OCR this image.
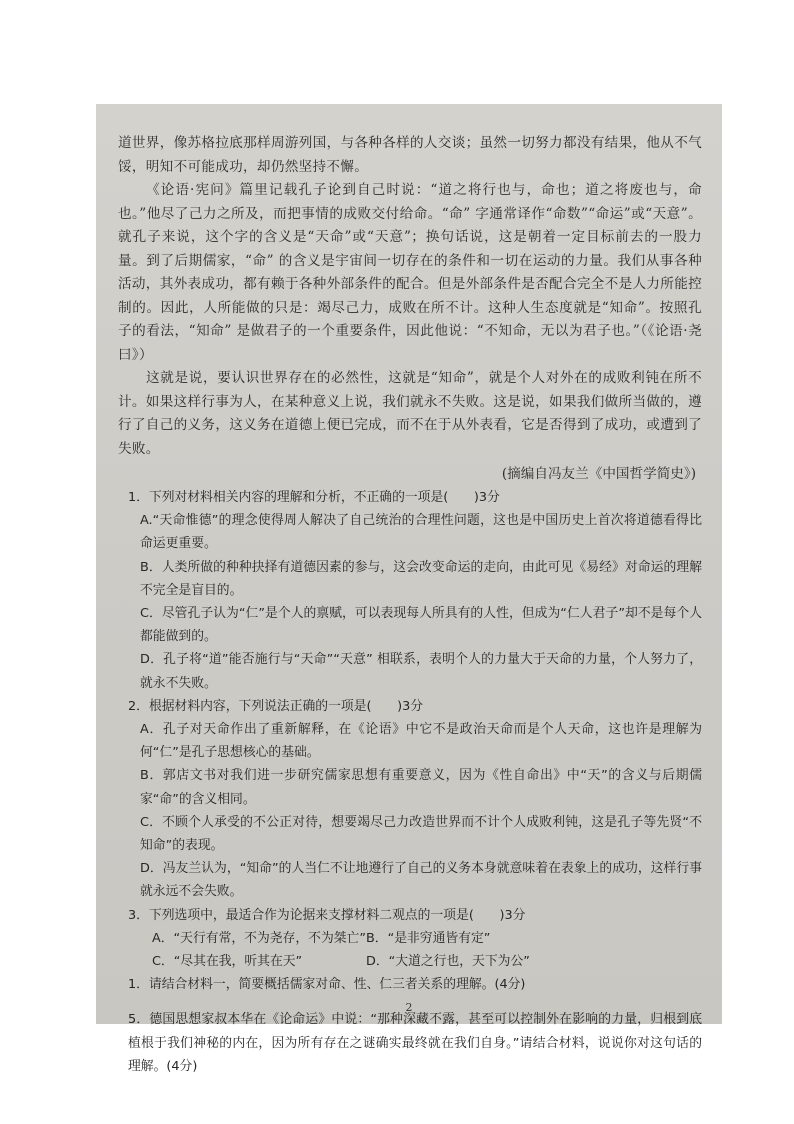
道世界，像苏格拉底那样周游列国，与各种各样的人交谈；虽然一切努力都没有结果，他从不气馁，明知不可能成功，却仍然坚持不懈。

《论语·宪问》篇里记载孔子论到自己时说：“道之将行也与，命也；道之将废也与，命也。”他尽了己力之所及，而把事情的成败交付给命。“命” 字通常译作“命数”“命运”或“天意”。就孔子来说，这个字的含义是“天命”或“天意”；换句话说，这是朝着一定目标前去的一股力量。到了后期儒家，“命” 的含义是宇宙间一切存在的条件和一切在运动的力量。我们从事各种活动，其外表成功，都有赖于各种外部条件的配合。但是外部条件是否配合完全不是人力所能控制的。因此，人所能做的只是：竭尽己力，成败在所不计。这种人生态度就是“知命”。按照孔子的看法，“知命” 是做君子的一个重要条件，因此他说：“不知命，无以为君子也。”（《论语·尧曰》）

这就是说，要认识世界存在的必然性，这就是“知命”，就是个人对外在的成败利钝在所不计。如果这样行事为人，在某种意义上说，我们就永不失败。这是说，如果我们做所当做的，遵行了自己的义务，这义务在道德上便已完成，而不在于从外表看，它是否得到了成功，或遭到了失败。

(摘编自冯友兰《中国哲学简史》)

1．下列对材料相关内容的理解和分析，不正确的一项是(　　)3分
A.“天命惟德”的理念使得周人解决了自己统治的合理性问题，这也是中国历史上首次将道德看得比命运更重要。
B．人类所做的种种抉择有道德因素的参与，这会改变命运的走向，由此可见《易经》对命运的理解不完全是盲目的。
C．尽管孔子认为“仁”是个人的禀赋，可以表现每人所具有的人性，但成为“仁人君子”却不是每个人都能做到的。
D．孔子将“道”能否施行与“天命”“天意” 相联系，表明个人的力量大于天命的力量，个人努力了，就永不失败。
2．根据材料内容，下列说法正确的一项是(　　)3分
A．孔子对天命作出了重新解释，在《论语》中它不是政治天命而是个人天命，这也许是理解为何“仁”是孔子思想核心的基础。
B．郭店文书对我们进一步研究儒家思想有重要意义，因为《性自命出》中“天”的含义与后期儒家“命”的含义相同。
C．不顾个人承受的不公正对待，想要竭尽己力改造世界而不计个人成败利钝，这是孔子等先贤“不知命”的表现。
D．冯友兰认为，“知命”的人当仁不让地遵行了自己的义务本身就意味着在表象上的成功，这样行事就永远不会失败。
3．下列选项中，最适合作为论据来支撑材料二观点的一项是(　　)3分
A．“天行有常，不为尧存，不为桀亡” B．“是非穷通皆有定”
C．“尽其在我，听其在天”	D．“大道之行也，天下为公”
1．请结合材料一，简要概括儒家对命、性、仁三者关系的理解。(4分)
5．德国思想家叔本华在《论命运》中说：“那种深藏不露，甚至可以控制外在影响的力量，归根到底植根于我们神秘的内在，因为所有存在之谜确实最终就在我们自身。”请结合材料，说说你对这句话的理解。(4分)
2
